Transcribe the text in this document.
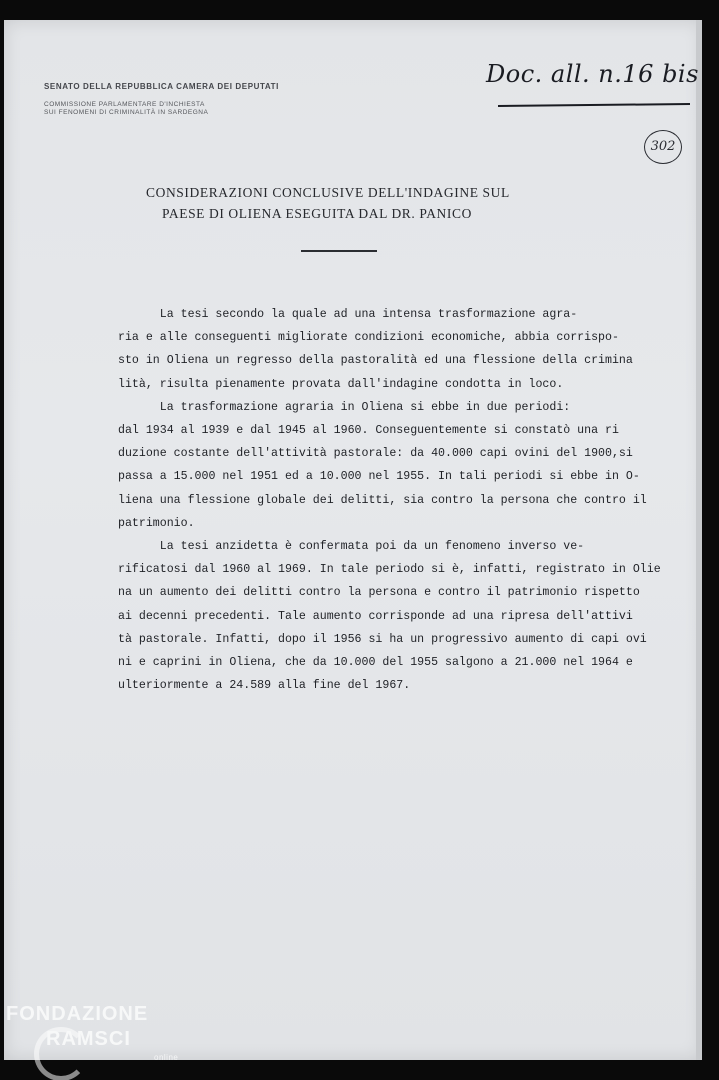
SENATO DELLA REPUBBLICA CAMERA DEI DEPUTATI
COMMISSIONE PARLAMENTARE D'INCHIESTA
SUI FENOMENI DI CRIMINALITÀ IN SARDEGNA
Doc. all. n.16 bis
302
CONSIDERAZIONI CONCLUSIVE DELL'INDAGINE SUL
PAESE DI OLIENA ESEGUITA DAL DR. PANICO

La tesi secondo la quale ad una intensa trasformazione agra-

ria e alle conseguenti migliorate condizioni economiche, abbia corrispo-

sto in Oliena un regresso della pastoralità ed una flessione della crimina

lità, risulta pienamente provata dall'indagine condotta in loco.

La trasformazione agraria in Oliena si ebbe in due periodi:

dal 1934 al 1939 e dal 1945 al 1960. Conseguentemente si constatò una ri

duzione costante dell'attività pastorale: da 40.000 capi ovini del 1900,si

passa a 15.000 nel 1951 ed a 10.000 nel 1955. In tali periodi si ebbe in O-

liena una flessione globale dei delitti, sia contro la persona che contro il

patrimonio.

La tesi anzidetta è confermata poi da un fenomeno inverso ve-

rificatosi dal 1960 al 1969. In tale periodo si è, infatti, registrato in Olie

na un aumento dei delitti contro la persona e contro il patrimonio rispetto

ai decenni precedenti. Tale aumento corrisponde ad una ripresa dell'attivi

tà pastorale. Infatti, dopo il 1956 si ha un progressivo aumento di capi ovi

ni e caprini in Oliena, che da 10.000 del 1955 salgono a 21.000 nel 1964 e

ulteriormente a 24.589 alla fine del 1967.

FONDAZIONE
RAMSCI
online
